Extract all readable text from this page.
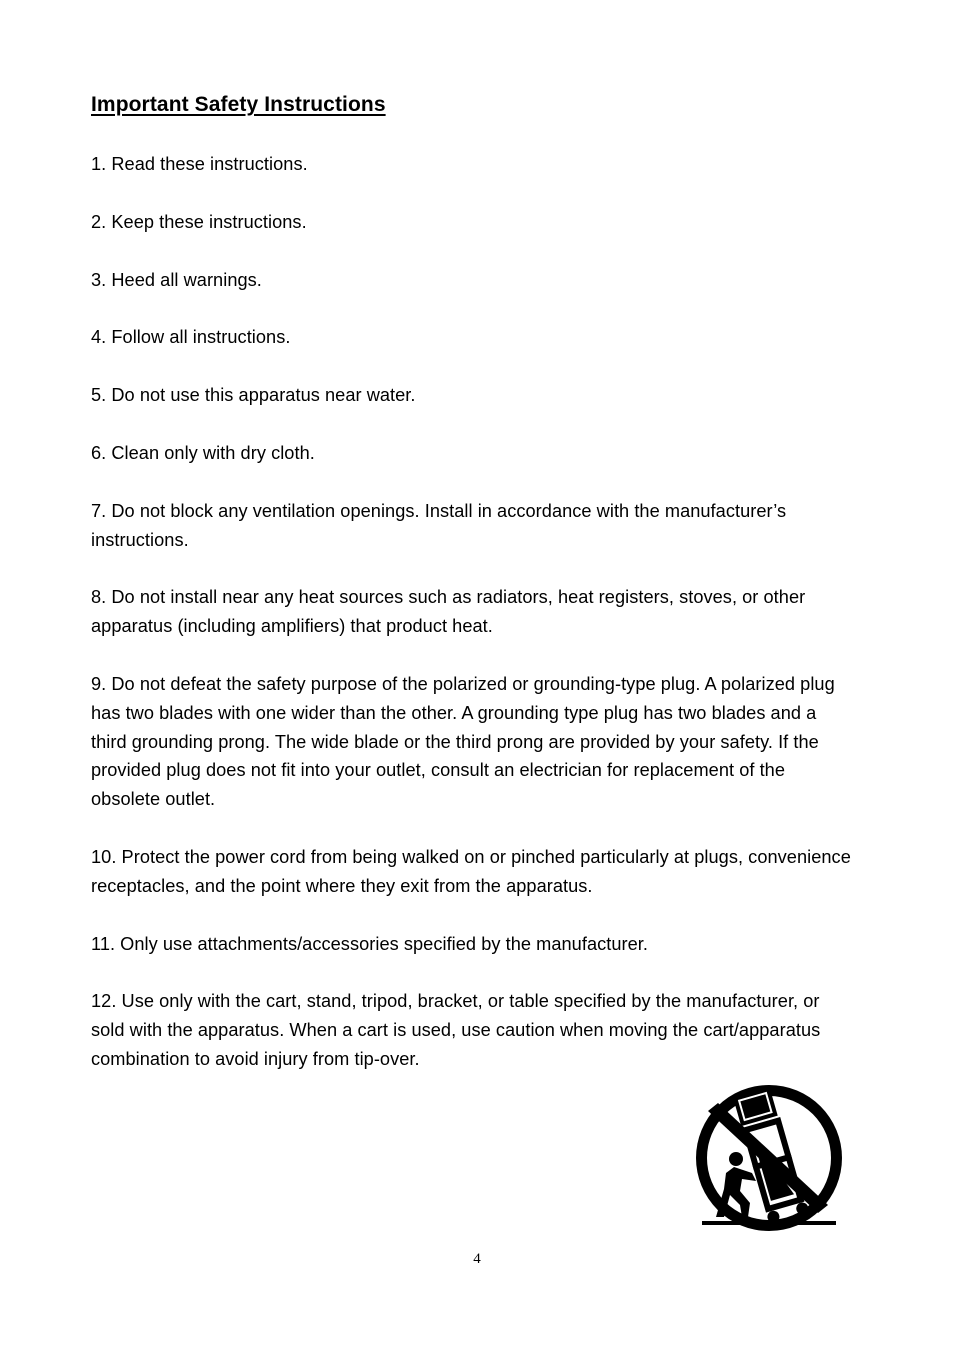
Important Safety Instructions
1. Read these instructions.
2. Keep these instructions.
3. Heed all warnings.
4. Follow all instructions.
5. Do not use this apparatus near water.
6. Clean only with dry cloth.
7. Do not block any ventilation openings. Install in accordance with the manufacturer’s instructions.
8. Do not install near any heat sources such as radiators, heat registers, stoves, or other apparatus (including amplifiers) that product heat.
9. Do not defeat the safety purpose of the polarized or grounding-type plug. A polarized plug has two blades with one wider than the other. A grounding type plug has two blades and a third grounding prong. The wide blade or the third prong are provided by your safety. If the provided plug does not fit into your outlet, consult an electrician for replacement of the obsolete outlet.
10. Protect the power cord from being walked on or pinched particularly at plugs, convenience receptacles, and the point where they exit from the apparatus.
11. Only use attachments/accessories specified by the manufacturer.
12. Use only with the cart, stand, tripod, bracket, or table specified by the manufacturer, or sold with the apparatus. When a cart is used, use caution when moving the cart/apparatus combination to avoid injury from tip-over.
4
